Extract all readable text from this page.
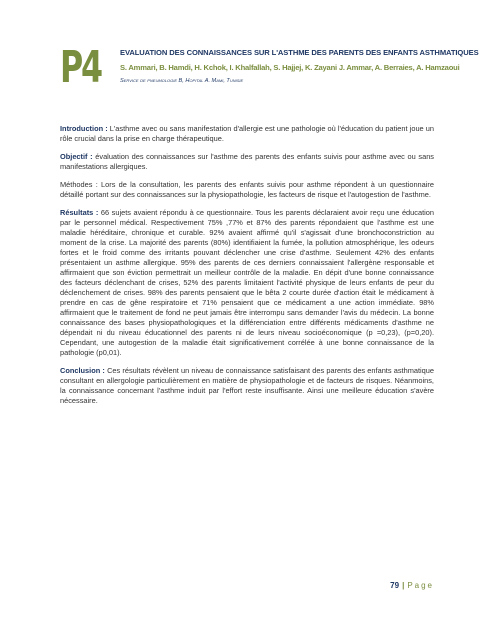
P4	EVALUATION DES CONNAISSANCES SUR L'ASTHME DES PARENTS DES ENFANTS ASTHMATIQUES
S. Ammari, B. Hamdi, H. Kchok, I. Khalfallah, S. Hajjej, K. Zayani J. Ammar, A. Berraies, A. Hamzaoui
Service de pneumologie B, Hopital A. Mami, Tunisie

Introduction : L'asthme avec ou sans manifestation d'allergie est une pathologie où l'éducation du patient joue un rôle crucial dans la prise en charge thérapeutique.

Objectif : évaluation des connaissances sur l'asthme des parents des enfants suivis pour asthme avec ou sans manifestations allergiques.

Méthodes : Lors de la consultation, les parents des enfants suivis pour asthme répondent à un questionnaire détaillé portant sur des connaissances sur la physiopathologie, les facteurs de risque et l'autogestion de l'asthme.

Résultats : 66 sujets avaient répondu à ce questionnaire. Tous les parents déclaraient avoir reçu une éducation par le personnel médical. Respectivement 75% ,77% et 87% des parents répondaient que l'asthme est une maladie héréditaire, chronique et curable. 92% avaient affirmé qu'il s'agissait d'une bronchoconstriction au moment de la crise. La majorité des parents (80%) identifiaient la fumée, la pollution atmosphérique, les odeurs fortes et le froid comme des irritants pouvant déclencher une crise d'asthme. Seulement 42% des enfants présentaient un asthme allergique. 95% des parents de ces derniers connaissaient l'allergène responsable et affirmaient que son éviction permettrait un meilleur contrôle de la maladie. En dépit d'une bonne connaissance des facteurs déclenchant de crises, 52% des parents limitaient l'activité physique de leurs enfants de peur du déclenchement de crises. 98% des parents pensaient que le bêta 2 courte durée d'action était le médicament à prendre en cas de gêne respiratoire et 71% pensaient que ce médicament a une action immédiate. 98% affirmaient que le traitement de fond ne peut jamais être interrompu sans demander l'avis du médecin. La bonne connaissance des bases physiopathologiques et la différenciation entre différents médicaments d'asthme ne dépendait ni du niveau éducationnel des parents ni de leurs niveau socioéconomique (p =0,23), (p=0,20). Cependant, une autogestion de la maladie était significativement corrélée à une bonne connaissance de la pathologie (p0,01).

Conclusion : Ces résultats révèlent un niveau de connaissance satisfaisant des parents des enfants asthmatique consultant en allergologie particulièrement en matière de physiopathologie et de facteurs de risques. Néanmoins, la connaissance concernant l'asthme induit par l'effort reste insuffisante. Ainsi une meilleure éducation s'avère nécessaire.

79 | Page
